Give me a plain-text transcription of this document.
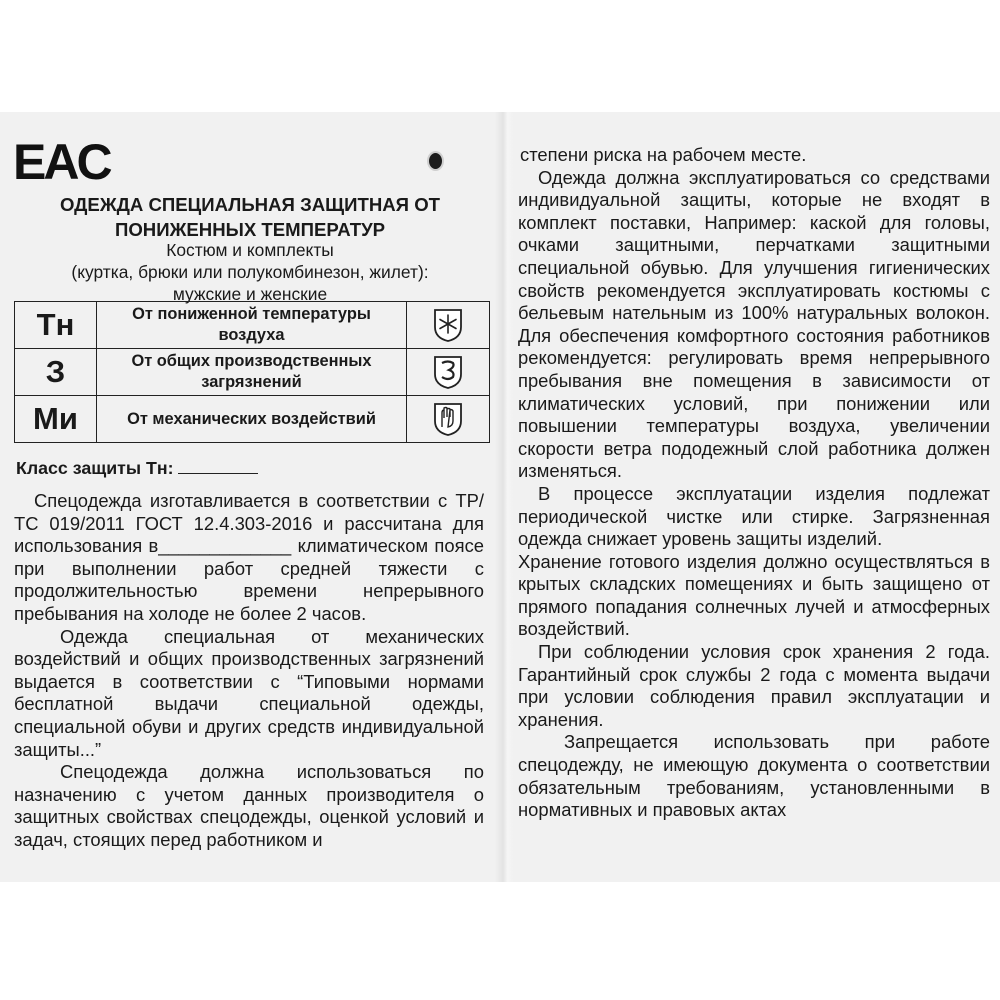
EAC
ОДЕЖДА СПЕЦИАЛЬНАЯ ЗАЩИТНАЯ ОТ ПОНИЖЕННЫХ ТЕМПЕРАТУР
Костюм и комплекты
(куртка, брюки или полукомбинезон, жилет):
мужские и женские
Тн	От пониженной температуры воздуха	
З	От общих производственных загрязнений	
Ми	От механических воздействий	
Класс защиты Тн:

Спецодежда изготавливается в соответствии с ТР/ТС 019/2011 ГОСТ 12.4.303-2016 и рассчитана для использования в_____________ климатическом поясе при выполнении работ средней тяжести с продолжительностью времени непрерывного пребывания на холоде не более 2 часов.

Одежда специальная от механических воздействий и общих производственных загрязнений выдается в соответствии с “Типовыми нормами бесплатной выдачи специальной одежды, специальной обуви и других средств индивидуальной защиты...”

Спецодежда должна использоваться по назначению с учетом данных производителя о защитных свойствах спецодежды, оценкой условий и задач, стоящих перед работником и

степени риска на рабочем месте.

Одежда должна эксплуатироваться со средствами индивидуальной защиты, которые не входят в комплект поставки, Например: каской для головы, очками защитными, перчатками защитными специальной обувью. Для улучшения гигиенических свойств рекомендуется эксплуатировать костюмы с бельевым нательным из 100% натуральных волокон. Для обеспечения комфортного состояния работников рекомендуется: регулировать время непрерывного пребывания вне помещения в зависимости от климатических условий, при понижении или повышении температуры воздуха, увеличении скорости ветра пододежный слой работника должен изменяться.

В процессе эксплуатации изделия подлежат периодической чистке или стирке. Загрязненная одежда снижает уровень защиты изделий.

Хранение готового изделия должно осуществляться в крытых складских помещениях и быть защищено от прямого попадания солнечных лучей и атмосферных воздействий.

При соблюдении условия срок хранения 2 года. Гарантийный срок службы 2 года с момента выдачи при условии соблюдения правил эксплуатации и хранения.

Запрещается использовать при работе спецодежду, не имеющую документа о соответствии обязательным требованиям, установленными в нормативных и правовых актах
